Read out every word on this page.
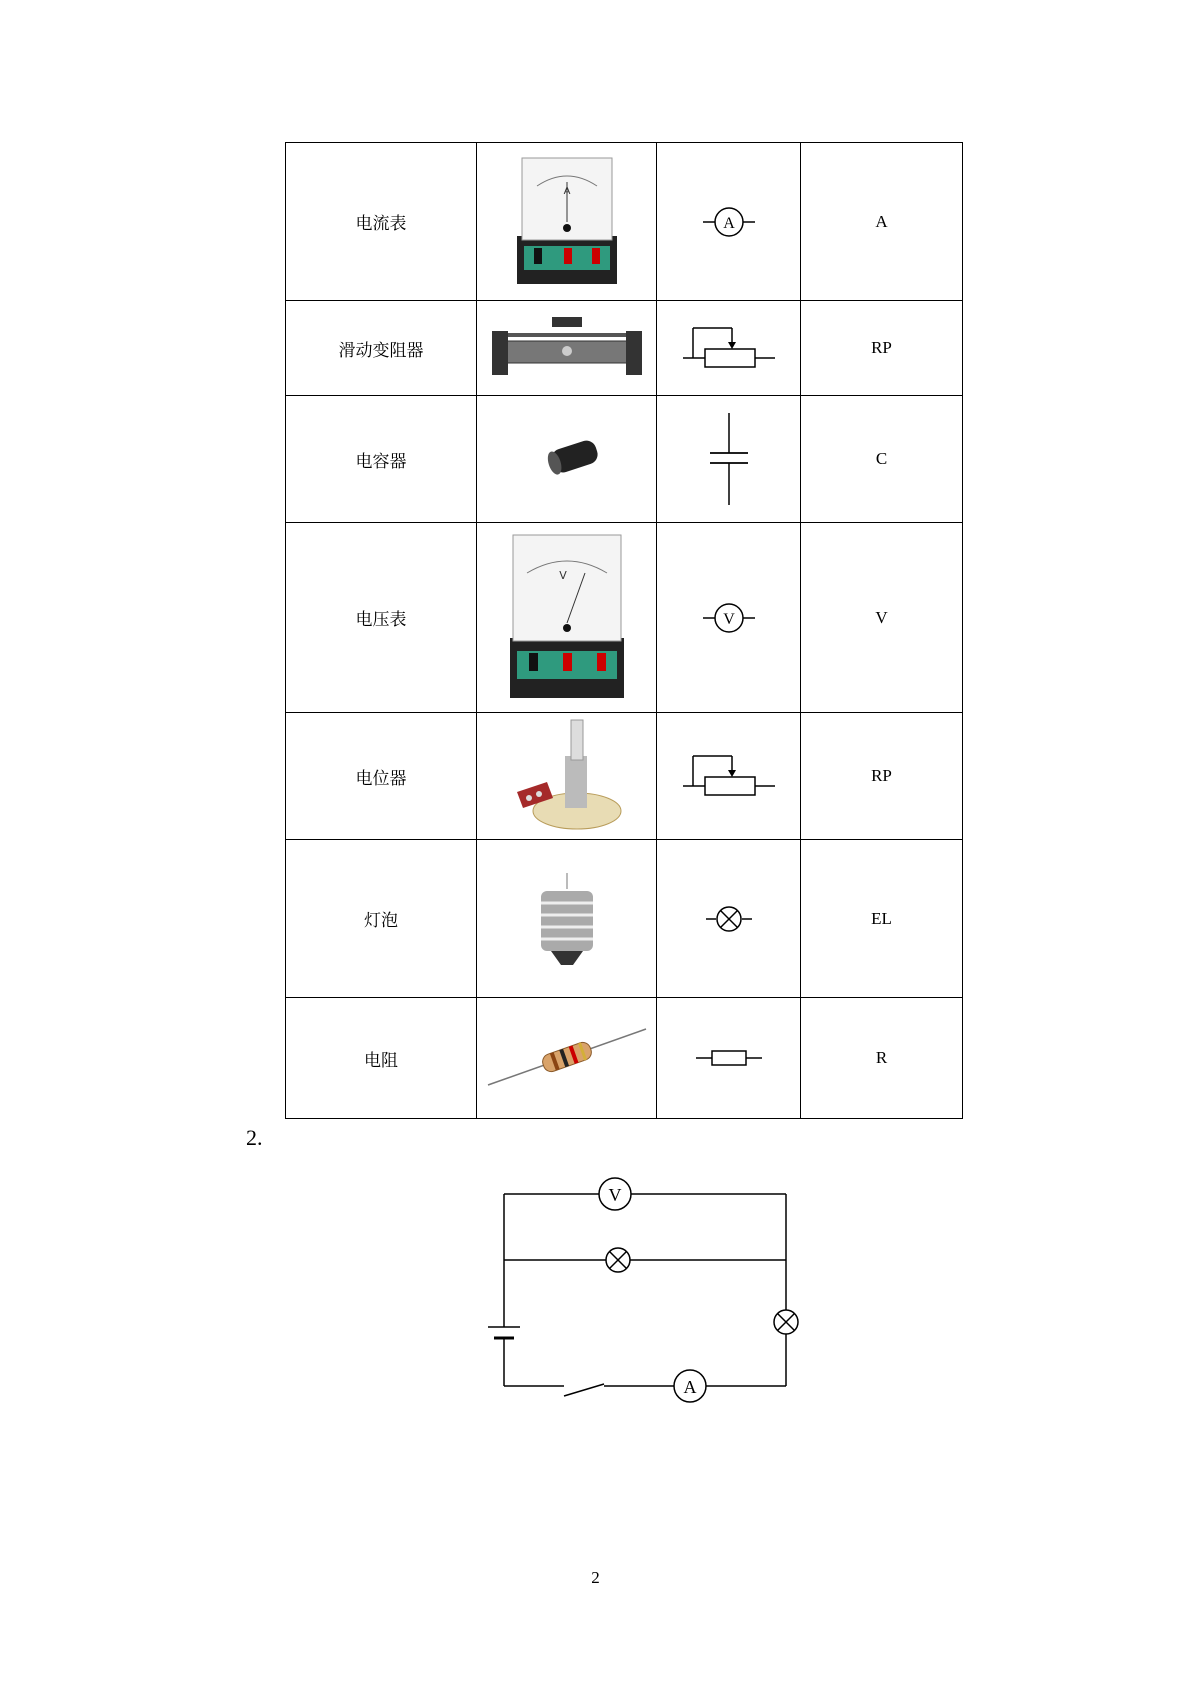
电流表	A	A	A
滑动变阻器			RP
电容器			C
电压表	V	V	V
电位器			RP
灯泡			EL
电阻			R
2.
V
A
2
